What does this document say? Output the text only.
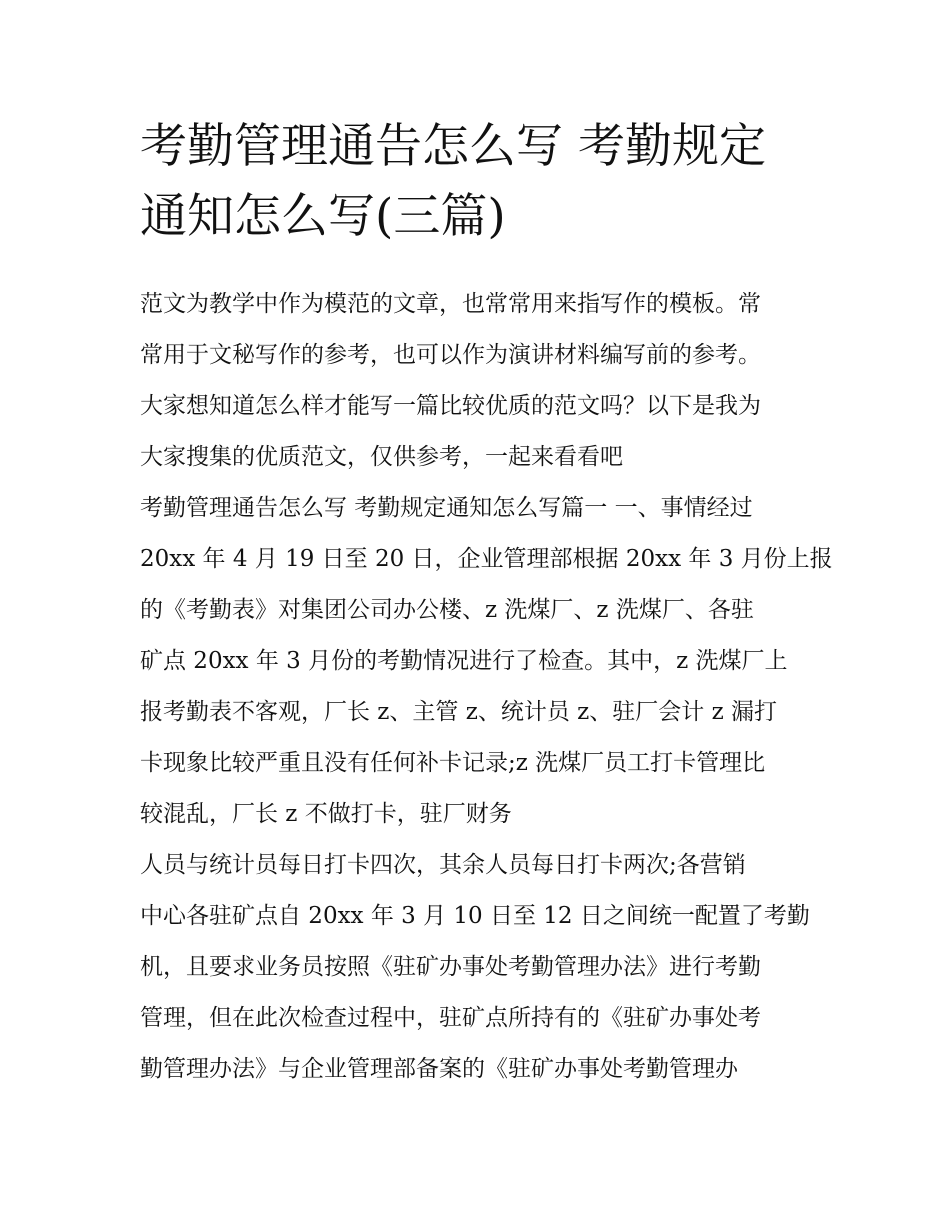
考勤管理通告怎么写 考勤规定
通知怎么写(三篇)

范文为教学中作为模范的文章，也常常用来指写作的模板。常
常用于文秘写作的参考，也可以作为演讲材料编写前的参考。
大家想知道怎么样才能写一篇比较优质的范文吗？以下是我为
大家搜集的优质范文，仅供参考，一起来看看吧

考勤管理通告怎么写 考勤规定通知怎么写篇一 一、事情经过
20xx 年 4 月 19 日至 20 日，企业管理部根据 20xx 年 3 月份上报
的《考勤表》对集团公司办公楼、z 洗煤厂、z 洗煤厂、各驻
矿点 20xx 年 3 月份的考勤情况进行了检查。其中，z 洗煤厂上
报考勤表不客观，厂长 z、主管 z、统计员 z、驻厂会计 z 漏打
卡现象比较严重且没有任何补卡记录;z 洗煤厂员工打卡管理比
较混乱，厂长 z 不做打卡，驻厂财务

人员与统计员每日打卡四次，其余人员每日打卡两次;各营销
中心各驻矿点自 20xx 年 3 月 10 日至 12 日之间统一配置了考勤
机，且要求业务员按照《驻矿办事处考勤管理办法》进行考勤
管理，但在此次检查过程中，驻矿点所持有的《驻矿办事处考
勤管理办法》与企业管理部备案的《驻矿办事处考勤管理办
